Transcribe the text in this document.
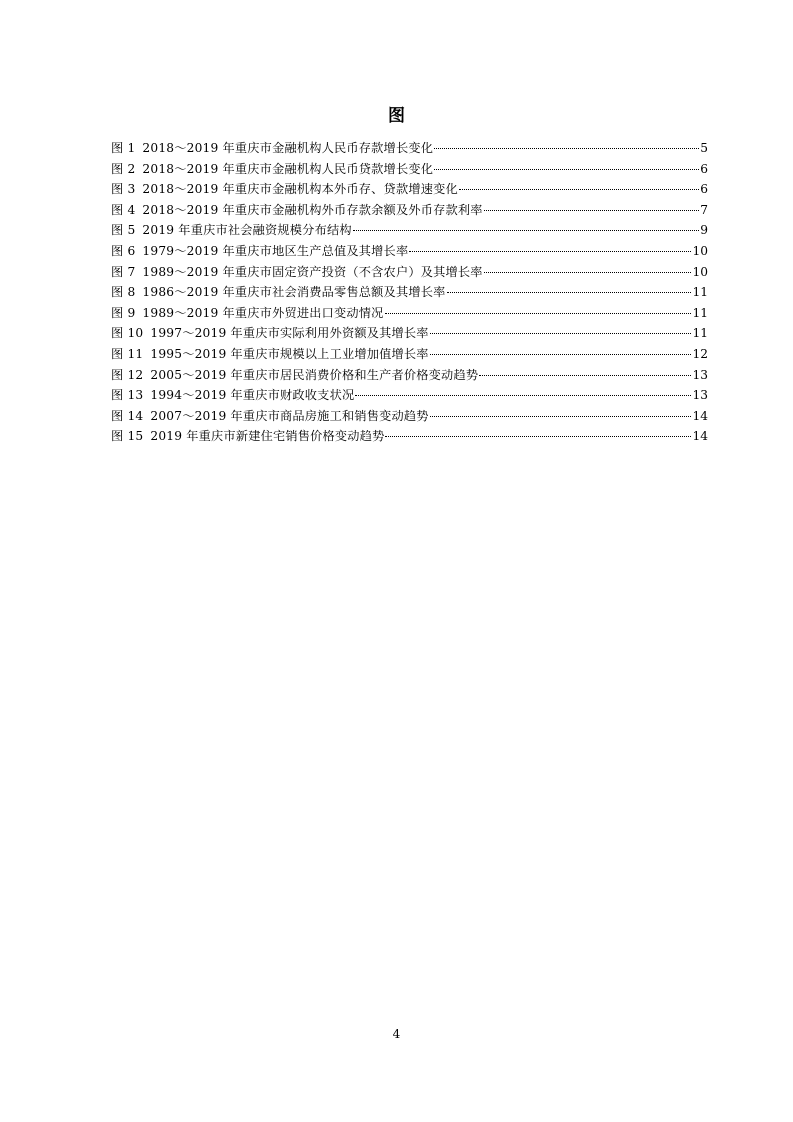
图
图 1 2018～2019 年重庆市金融机构人民币存款增长变化	5
图 2 2018～2019 年重庆市金融机构人民币贷款增长变化	6
图 3 2018～2019 年重庆市金融机构本外币存、贷款增速变化	6
图 4 2018～2019 年重庆市金融机构外币存款余额及外币存款利率	7
图 5 2019 年重庆市社会融资规模分布结构	9
图 6 1979～2019 年重庆市地区生产总值及其增长率	10
图 7 1989～2019 年重庆市固定资产投资（不含农户）及其增长率	10
图 8 1986～2019 年重庆市社会消费品零售总额及其增长率	11
图 9 1989～2019 年重庆市外贸进出口变动情况	11
图 10 1997～2019 年重庆市实际利用外资额及其增长率	11
图 11 1995～2019 年重庆市规模以上工业增加值增长率	12
图 12 2005～2019 年重庆市居民消费价格和生产者价格变动趋势	13
图 13 1994～2019 年重庆市财政收支状况	13
图 14 2007～2019 年重庆市商品房施工和销售变动趋势	14
图 15 2019 年重庆市新建住宅销售价格变动趋势	14
4
